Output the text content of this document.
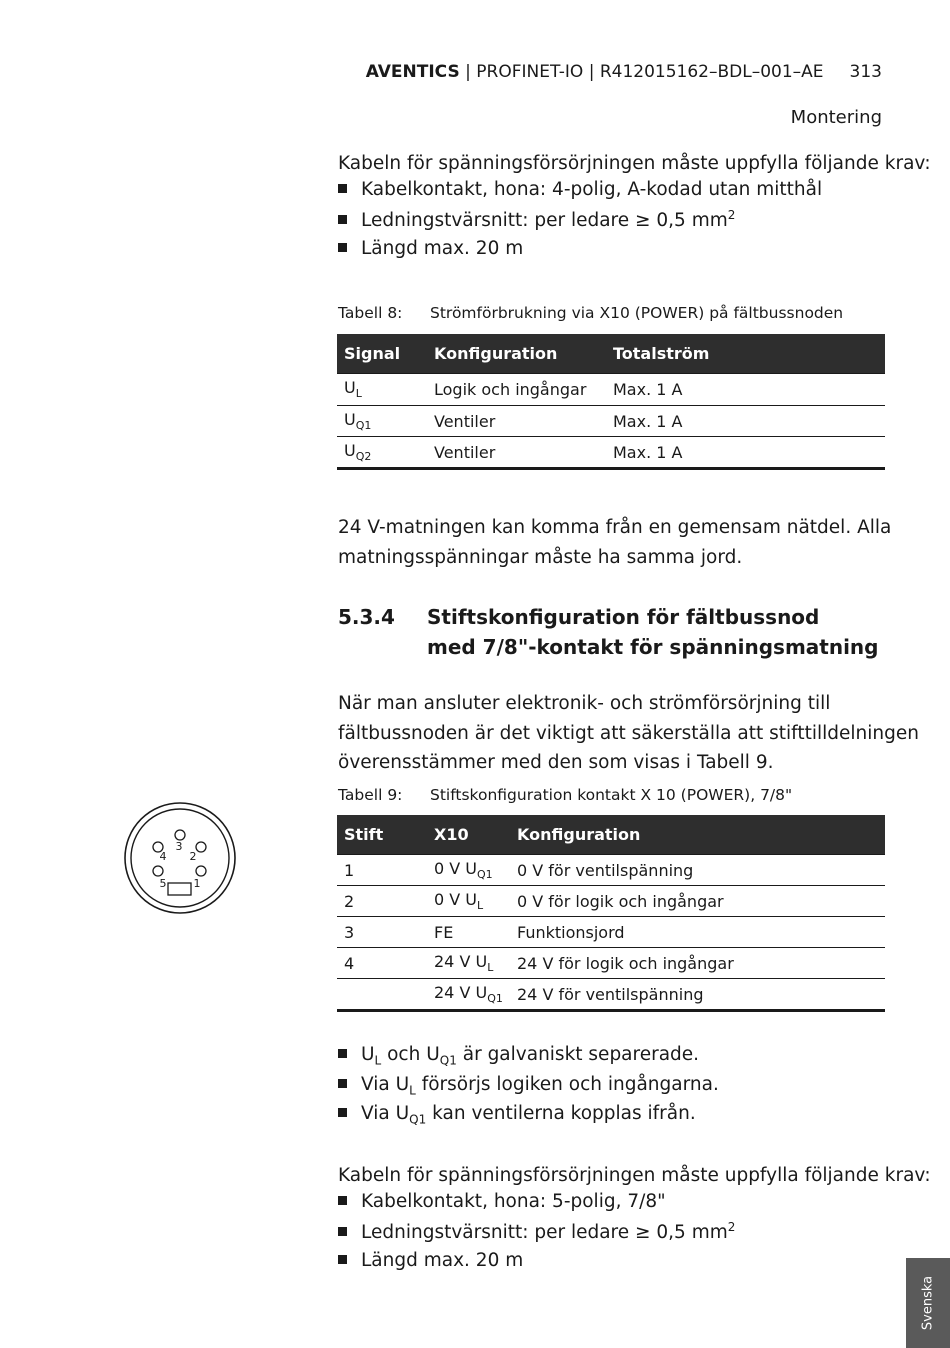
AVENTICS | PROFINET-IO | R412015162–BDL–001–AE 313
Montering
Kabeln för spänningsförsörjningen måste uppfylla följande krav:
Kabelkontakt, hona: 4-polig, A-kodad utan mitthål
Ledningstvärsnitt: per ledare ≥ 0,5 $mm^2$
Längd max. 20 m
Tabell 8: Strömförbrukning via X10 (POWER) på fältbussnoden
Signal	Konfiguration	Totalström
$U_L$	Logik och ingångar	Max. 1 A
$U_{Q1}$	Ventiler	Max. 1 A
$U_{Q2}$	Ventiler	Max. 1 A
24 V-matningen kan komma från en gemensam nätdel. Alla
matningsspänningar måste ha samma jord.
5.3.4 Stiftskonfiguration för fältbussnod
med 7/8"-kontakt för spänningsmatning
När man ansluter elektronik- och strömförsörjning till
fältbussnoden är det viktigt att säkerställa att stifttilldelningen
överensstämmer med den som visas i Tabell 9.
3
4 2
5 1
Tabell 9: Stiftskonfiguration kontakt X 10 (POWER), 7/8"
Stift	X10	Konfiguration
1	0 V $U_{Q1}$	0 V för ventilspänning
2	0 V $U_L$	0 V för logik och ingångar
3	FE	Funktionsjord
4	24 V $U_L$	24 V för logik och ingångar
	24 V $U_{Q1}$	24 V för ventilspänning
$U_L$ och $U_{Q1}$ är galvaniskt separerade.
Via $U_L$ försörjs logiken och ingångarna.
Via $U_{Q1}$ kan ventilerna kopplas ifrån.
Kabeln för spänningsförsörjningen måste uppfylla följande krav:
Kabelkontakt, hona: 5-polig, 7/8"
Ledningstvärsnitt: per ledare ≥ 0,5 $mm^2$
Längd max. 20 m
Svenska
